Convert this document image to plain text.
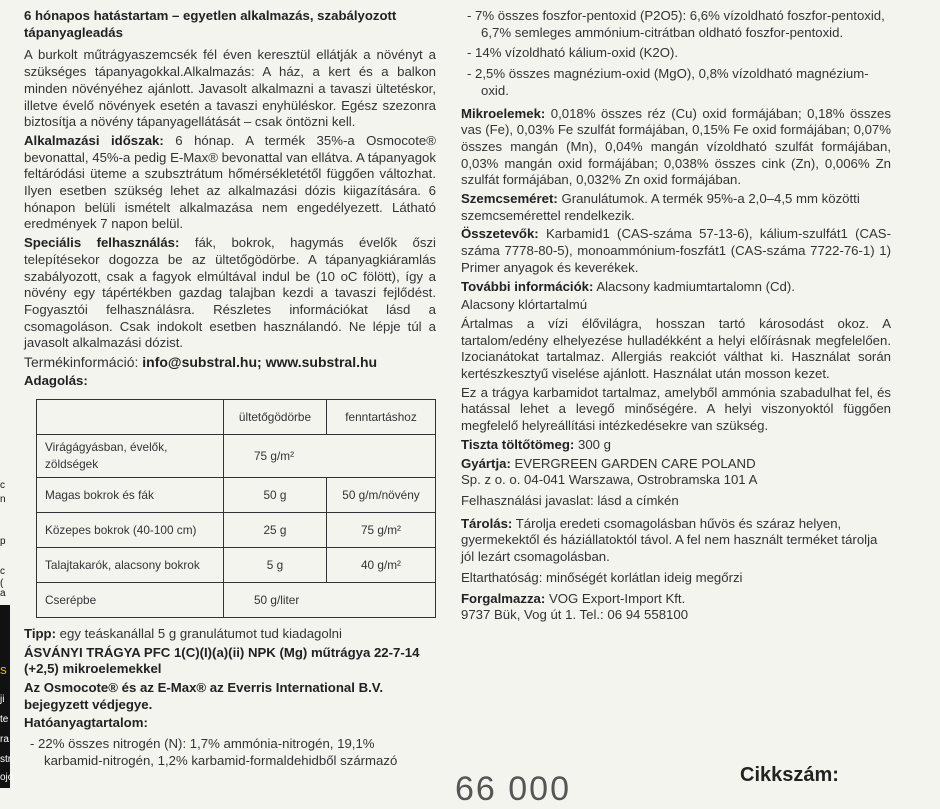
c
n
p
c
(
a
S
ji
te
ra
str
ojo

6 hónapos hatástartam – egyetlen alkalmazás, szabályozott tápanyagleadás

A burkolt műtrágyaszemcsék fél éven keresztül ellátják a növényt a szükséges tápanyagokkal.Alkalmazás: A ház, a kert és a balkon minden növényéhez ajánlott. Javasolt alkalmazni a tavaszi ültetéskor, illetve évelő növények esetén a tavaszi enyhüléskor. Egész szezonra biztosítja a növény tápanyagellátását – csak öntözni kell.

Alkalmazási időszak: 6 hónap. A termék 35%-a Osmocote® bevonattal, 45%-a pedig E-Max® bevonattal van ellátva. A tápanyagok feltáródási üteme a szubsztrátum hőmérsékletétől függően változhat. Ilyen esetben szükség lehet az alkalmazási dózis kiigazítására. 6 hónapon belüli ismételt alkalmazása nem engedélyezett. Látható eredmények 7 napon belül.

Speciális felhasználás: fák, bokrok, hagymás évelők őszi telepítésekor dogozza be az ültetőgödörbe. A tápanyagkiáramlás szabályozott, csak a fagyok elmúltával indul be (10 oC fölött), így a növény egy tápértékben gazdag talajban kezdi a tavaszi fejlődést. Fogyasztói felhasználásra. Részletes információkat lásd a csomagoláson. Csak indokolt esetben használandó. Ne lépje túl a javasolt alkalmazási dózist.

Termékinformáció: info@substral.hu; www.substral.hu

Adagolás:

	ültetőgödörbe	fenntartáshoz
Virágágyásban, évelők, zöldségek	75 g/m²	
Magas bokrok és fák	50 g	50 g/m/növény
Közepes bokrok (40-100 cm)	25 g	75 g/m²
Talajtakarók, alacsony bokrok	5 g	40 g/m²
Cserépbe	50 g/liter	

Tipp: egy teáskanállal 5 g granulátumot tud kiadagolni

ÁSVÁNYI TRÁGYA PFC 1(C)(I)(a)(ii) NPK (Mg) műtrágya 22-7-14 (+2,5) mikroelemekkel

Az Osmocote® és az E-Max® az Everris International B.V. bejegyzett védjegye.

Hatóanyagtartalom:

- 22% összes nitrogén (N): 1,7% ammónia-nitrogén, 19,1% karbamid-nitrogén, 1,2% karbamid-formaldehidből származó

- 7% összes foszfor-pentoxid (P2O5): 6,6% vízoldható foszfor-pentoxid, 6,7% semleges ammónium-citrátban oldható foszfor-pentoxid.

- 14% vízoldható kálium-oxid (K2O).

- 2,5% összes magnézium-oxid (MgO), 0,8% vízoldható magnézium-oxid.

Mikroelemek: 0,018% összes réz (Cu) oxid formájában; 0,18% összes vas (Fe), 0,03% Fe szulfát formájában, 0,15% Fe oxid formájában; 0,07% összes mangán (Mn), 0,04% mangán vízoldható szulfát formájában, 0,03% mangán oxid formájában; 0,038% összes cink (Zn), 0,006% Zn szulfát formájában, 0,032% Zn oxid formájában.

Szemcseméret: Granulátumok. A termék 95%-a 2,0–4,5 mm közötti szemcsemérettel rendelkezik.

Összetevők: Karbamid1 (CAS-száma 57-13-6), kálium-szulfát1 (CAS-száma 7778-80-5), monoammónium-foszfát1 (CAS-száma 7722-76-1) 1) Primer anyagok és keverékek.

További információk: Alacsony kadmiumtartalomn (Cd).

Alacsony klórtartalmú

Ártalmas a vízi élővilágra, hosszan tartó károsodást okoz. A tartalom/edény elhelyezése hulladékként a helyi előírásnak megfelelően. Izocianátokat tartalmaz. Allergiás reakciót válthat ki. Használat során kertészkesztyű viselése ajánlott. Használat után mosson kezet.

Ez a trágya karbamidot tartalmaz, amelyből ammónia szabadulhat fel, és hatással lehet a levegő minőségére. A helyi viszonyoktól függően megfelelő helyreállítási intézkedésekre van szükség.

Tiszta töltőtömeg: 300 g

Gyártja: EVERGREEN GARDEN CARE POLAND

Sp. z o. o. 04-041 Warszawa, Ostrobramska 101 A

Felhasználási javaslat: lásd a címkén

Tárolás: Tárolja eredeti csomagolásban hűvös és száraz helyen, gyermekektől és háziállatoktól távol. A fel nem használt terméket tárolja jól lezárt csomagolásban.

Eltarthatóság: minőségét korlátlan ideig megőrzi

Forgalmazza: VOG Export-Import Kft.

9737 Bük, Vog út 1. Tel.: 06 94 558100

66 000	Cikkszám:
